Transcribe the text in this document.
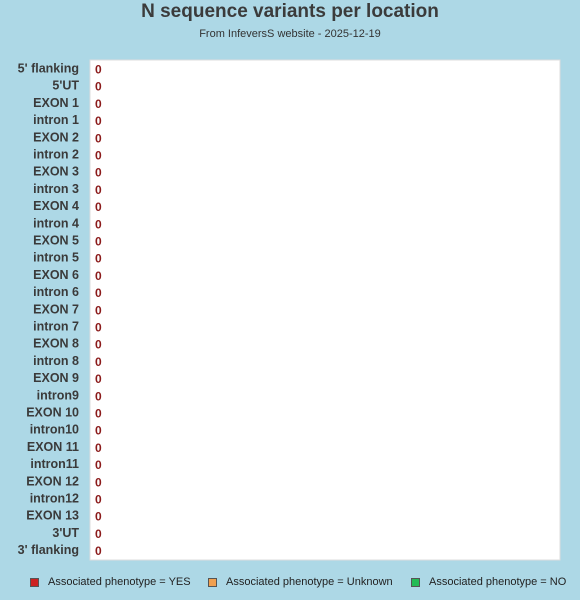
N sequence variants per location
From InfeversS website - 2025-12-19
5' flanking
5'UT
EXON 1
intron 1
EXON 2
intron 2
EXON 3
intron 3
EXON 4
intron 4
EXON 5
intron 5
EXON 6
intron 6
EXON 7
intron 7
EXON 8
intron 8
EXON 9
intron9
EXON 10
intron10
EXON 11
intron11
EXON 12
intron12
EXON 13
3'UT
3' flanking
0
0
0
0
0
0
0
0
0
0
0
0
0
0
0
0
0
0
0
0
0
0
0
0
0
0
0
0
0
Associated phenotype = YES	Associated phenotype = Unknown	Associated phenotype = NO
